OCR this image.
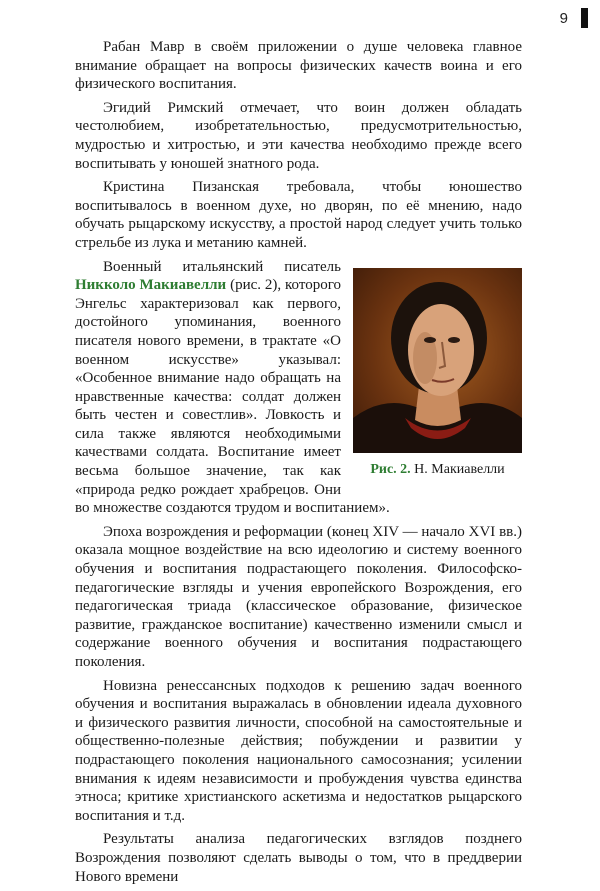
9

Рабан Мавр в своём приложении о душе человека главное внимание обращает на вопросы физических качеств воина и его физического воспитания.

Эгидий Римский отмечает, что воин должен обладать честолюбием, изобретательностью, предусмотрительностью, мудростью и хитростью, и эти качества необходимо прежде всего воспитывать у юношей знатного рода.

Кристина Пизанская требовала, чтобы юношество воспитывалось в военном духе, но дворян, по её мнению, надо обучать рыцарскому искусству, а простой народ следует учить только стрельбе из лука и метанию камней.

Рис. 2. Н. Макиавелли

Военный итальянский писатель Никколо Макиавелли (рис. 2), которого Энгельс характеризовал как первого, достойного упоминания, военного писателя нового времени, в трактате «О военном искусстве» указывал: «Особенное внимание надо обращать на нравственные качества: солдат должен быть честен и совестлив». Ловкость и сила также являются необходимыми качествами солдата. Воспитание имеет весьма большое значение, так как «природа редко рождает храбрецов. Они во множестве создаются трудом и воспитанием».

Эпоха возрождения и реформации (конец XIV — начало XVI вв.) оказала мощное воздействие на всю идеологию и систему военного обучения и воспитания подрастающего поколения. Философско-педагогические взгляды и учения европейского Возрождения, его педагогическая триада (классическое образование, физическое развитие, гражданское воспитание) качественно изменили смысл и содержание военного обучения и воспитания подрастающего поколения.

Новизна ренессансных подходов к решению задач военного обучения и воспитания выражалась в обновлении идеала духовного и физического развития личности, способной на самостоятельные и общественно-полезные действия; побуждении и развитии у подрастающего поколения национального самосознания; усилении внимания к идеям независимости и пробуждения чувства единства этноса; критике христианского аскетизма и недостатков рыцарского воспитания и т.д.

Результаты анализа педагогических взглядов позднего Возрождения позволяют сделать выводы о том, что в преддверии Нового времени
